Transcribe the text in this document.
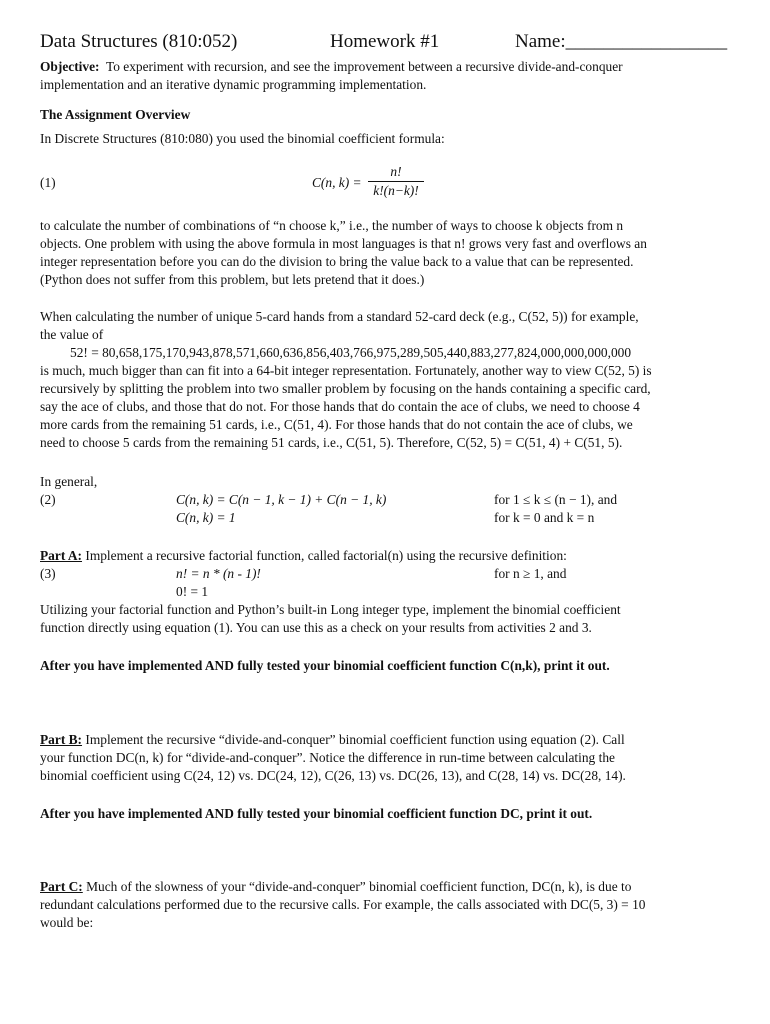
Data Structures (810:052)	Homework #1	Name:_________________
Objective: To experiment with recursion, and see the improvement between a recursive divide-and-conquer
implementation and an iterative dynamic programming implementation.
The Assignment Overview
In Discrete Structures (810:080) you used the binomial coefficient formula:
(1)	C(n, k) =
n!
k!(n−k)!
to calculate the number of combinations of “n choose k,” i.e., the number of ways to choose k objects from n
objects. One problem with using the above formula in most languages is that n! grows very fast and overflows an
integer representation before you can do the division to bring the value back to a value that can be represented.
(Python does not suffer from this problem, but lets pretend that it does.)
When calculating the number of unique 5-card hands from a standard 52-card deck (e.g., C(52, 5)) for example,
the value of
52! = 80,658,175,170,943,878,571,660,636,856,403,766,975,289,505,440,883,277,824,000,000,000,000
is much, much bigger than can fit into a 64-bit integer representation. Fortunately, another way to view C(52, 5) is
recursively by splitting the problem into two smaller problem by focusing on the hands containing a specific card,
say the ace of clubs, and those that do not. For those hands that do contain the ace of clubs, we need to choose 4
more cards from the remaining 51 cards, i.e., C(51, 4). For those hands that do not contain the ace of clubs, we
need to choose 5 cards from the remaining 51 cards, i.e., C(51, 5). Therefore, C(52, 5) = C(51, 4) + C(51, 5).
In general,
(2)	C(n, k) = C(n − 1, k − 1) + C(n − 1, k)	for 1 ≤ k ≤ (n − 1), and
C(n, k) = 1	for k = 0 and k = n
Part A: Implement a recursive factorial function, called factorial(n) using the recursive definition:
(3)	n! = n * (n - 1)!	for n ≥ 1, and
0! = 1
Utilizing your factorial function and Python’s built-in Long integer type, implement the binomial coefficient
function directly using equation (1). You can use this as a check on your results from activities 2 and 3.
After you have implemented AND fully tested your binomial coefficient function C(n,k), print it out.
Part B: Implement the recursive “divide-and-conquer” binomial coefficient function using equation (2). Call
your function DC(n, k) for “divide-and-conquer”. Notice the difference in run-time between calculating the
binomial coefficient using C(24, 12) vs. DC(24, 12), C(26, 13) vs. DC(26, 13), and C(28, 14) vs. DC(28, 14).
After you have implemented AND fully tested your binomial coefficient function DC, print it out.
Part C: Much of the slowness of your “divide-and-conquer” binomial coefficient function, DC(n, k), is due to
redundant calculations performed due to the recursive calls. For example, the calls associated with DC(5, 3) = 10
would be:
